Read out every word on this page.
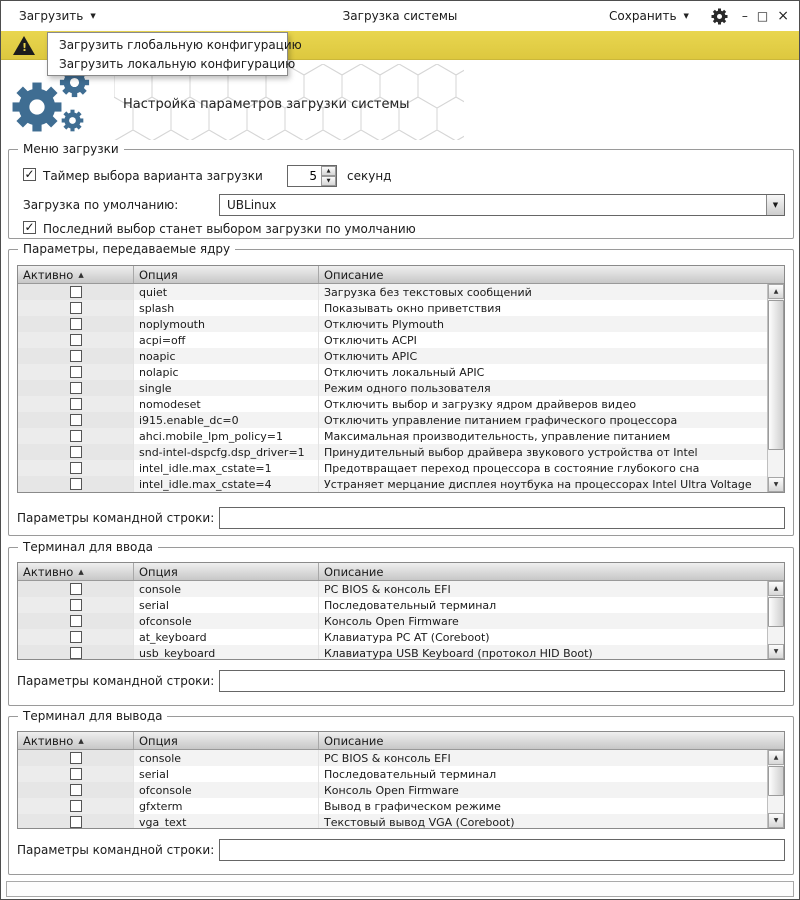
Загрузить ▼	Загрузка системы	Сохранить ▼	– □ ×
!
Настройка параметров загрузки системы
Меню загрузки
✓ Таймер выбора варианта загрузки
5	▲
▼	секунд
Загрузка по умолчанию:	UBLinux	▼
✓ Последний выбор станет выбором загрузки по умолчанию
Параметры, передаваемые ядру
Активно ▲	Опция	Описание
quiet	Загрузка без текстовых сообщений
splash	Показывать окно приветствия
noplymouth	Отключить Plymouth
acpi=off	Отключить ACPI
noapic	Отключить APIC
nolapic	Отключить локальный APIC
single	Режим одного пользователя
nomodeset	Отключить выбор и загрузку ядром драйверов видео
i915.enable_dc=0	Отключить управление питанием графического процессора
ahci.mobile_lpm_policy=1	Максимальная производительность, управление питанием
snd-intel-dspcfg.dsp_driver=1	Принудительный выбор драйвера звукового устройства от Intel
intel_idle.max_cstate=1	Предотвращает переход процессора в состояние глубокого сна
intel_idle.max_cstate=4	Устраняет мерцание дисплея ноутбука на процессорах Intel Ultra Voltage
▲
▼
Параметры командной строки:
Терминал для ввода
Активно ▲	Опция	Описание
console	PC BIOS & консоль EFI
serial	Последовательный терминал
ofconsole	Консоль Open Firmware
at_keyboard	Клавиатура PC AT (Coreboot)
usb_keyboard	Клавиатура USB Keyboard (протокол HID Boot)
▲
▼
Параметры командной строки:
Терминал для вывода
Активно ▲	Опция	Описание
console	PC BIOS & консоль EFI
serial	Последовательный терминал
ofconsole	Консоль Open Firmware
gfxterm	Вывод в графическом режиме
vga_text	Текстовый вывод VGA (Coreboot)
▲
▼
Параметры командной строки:
Загрузить глобальную конфигурацию
Загрузить локальную конфигурацию
